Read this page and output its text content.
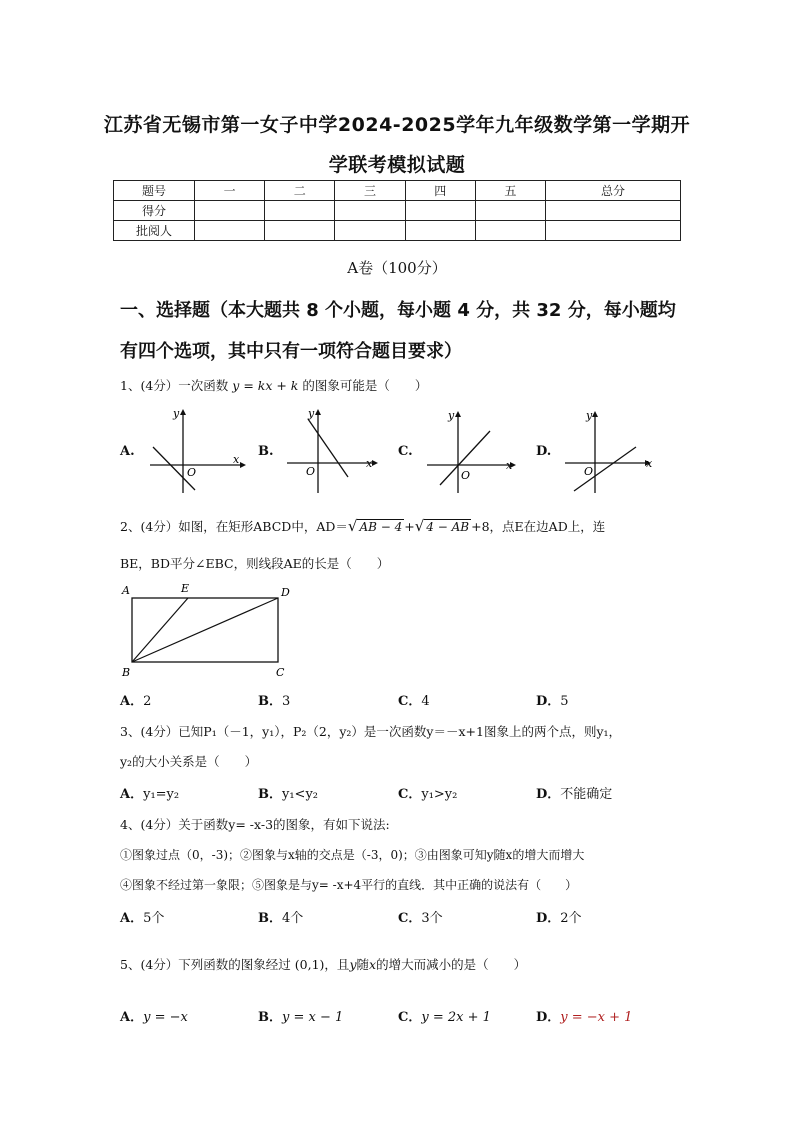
江苏省无锡市第一女子中学2024-2025学年九年级数学第一学期开
学联考模拟试题
题号	一	二	三	四	五	总分
得分						
批阅人						
A卷（100分）
一、选择题（本大题共 8 个小题，每小题 4 分，共 32 分，每小题均
有四个选项，其中只有一项符合题目要求）
1、(4分）一次函数 y = kx + k 的图象可能是（　　）
A.	B.	C.	D.
y
x
O
y
x
O
y
x
O
y
x
O
2、(4分）如图，在矩形ABCD中，AD＝√ AB − 4 +√ 4 − AB +8，点E在边AD上，连
BE，BD平分∠EBC，则线段AE的长是（　　）
A	E	D
B	C
A．2	B．3	C．4	D．5
3、(4分）已知P₁（－1，y₁），P₂（2，y₂）是一次函数y＝－x+1图象上的两个点，则y₁，
y₂的大小关系是（　　）
A．y₁=y₂	B．y₁<y₂	C．y₁>y₂	D．不能确定
4、(4分）关于函数y= -x-3的图象，有如下说法:
①图象过点（0，-3)；②图象与x轴的交点是（-3，0)；③由图象可知y随x的增大而增大
④图象不经过第一象限；⑤图象是与y= -x+4平行的直线．其中正确的说法有（　　）
A．5个	B．4个	C．3个	D．2个
5、(4分）下列函数的图象经过 (0,1)，且y随x的增大而减小的是（　　）
A．y = −x	B．y = x − 1	C．y = 2x + 1	D．y = −x + 1
